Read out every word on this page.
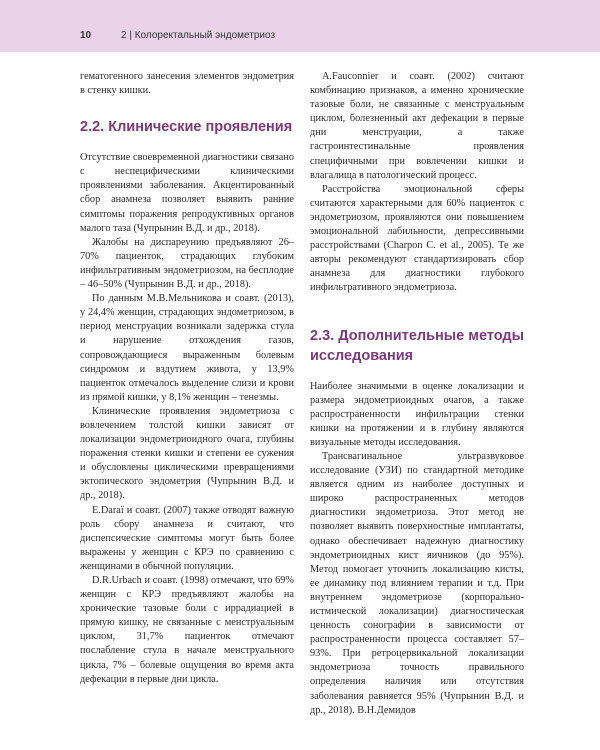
10	2 | Колоректальный эндометриоз

гематогенного занесения элементов эндометрия в стенку кишки.

2.2. Клинические проявления

Отсутствие своевременной диагностики связано с неспецифическими клиническими проявлениями заболевания. Акцентированный сбор анамнеза позволяет выявить ранние симптомы поражения репродуктивных органов малого таза (Чупрынин В.Д. и др., 2018).

Жалобы на диспареунию предъявляют 26–70% пациенток, страдающих глубоким инфильтративным эндометриозом, на бесплодие – 46–50% (Чупрынин В.Д. и др., 2018).

По данным М.В.Мельникова и соавт. (2013), у 24,4% женщин, страдающих эндометриозом, в период менструации возникали задержка стула и нарушение отхождения газов, сопровождающиеся выраженным болевым синдромом и вздутием живота, у 13,9% пациенток отмечалось выделение слизи и крови из прямой кишки, у 8,1% женщин – тенезмы.

Клинические проявления эндометриоза с вовлечением толстой кишки зависят от локализации эндометриоидного очага, глубины поражения стенки кишки и степени ее сужения и обусловлены циклическими превращениями эктопического эндометрия (Чупрынин В.Д. и др., 2018).

E.Daraï и соавт. (2007) также отводят важную роль сбору анамнеза и считают, что диспепсические симптомы могут быть более выражены у женщин с КРЭ по сравнению с женщинами в обычной популяции.

D.R.Urbach и соавт. (1998) отмечают, что 69% женщин с КРЭ предъявляют жалобы на хронические тазовые боли с иррадиацией в прямую кишку, не связанные с менструальным циклом, 31,7% пациенток отмечают послабление стула в начале менструального цикла, 7% – болевые ощущения во время акта дефекации в первые дни цикла.

A.Fauconnier и соавт. (2002) считают комбинацию признаков, а именно хронические тазовые боли, не связанные с менструальным циклом, болезненный акт дефекации в первые дни менструации, а также гастроинтестинальные проявления специфичными при вовлечении кишки и влагалища в патологический процесс.

Расстройства эмоциональной сферы считаются характерными для 60% пациенток с эндометриозом, проявляются они повышением эмоциональной лабильности, депрессивными расстройствами (Charpon C. et al., 2005). Те же авторы рекомендуют стандартизировать сбор анамнеза для диагностики глубокого инфильтративного эндометриоза.

2.3. Дополнительные методы исследования

Наиболее значимыми в оценке локализации и размера эндометриоидных очагов, а также распространенности инфильтрации стенки кишки на протяжении и в глубину являются визуальные методы исследования.

Трансвагинальное ультразвуковое исследование (УЗИ) по стандартной методике является одним из наиболее доступных и широко распространенных методов диагностики эндометриоза. Этот метод не позволяет выявить поверхностные имплантаты, однако обеспечивает надежную диагностику эндометриоидных кист яичников (до 95%). Метод помогает уточнить локализацию кисты, ее динамику под влиянием терапии и т.д. При внутреннем эндометриозе (корпорально-истмической локализации) диагностическая ценность сонографии в зависимости от распространенности процесса составляет 57–93%. При ретроцервикальной локализации эндометриоза точность правильного определения наличия или отсутствия заболевания равняется 95% (Чупрынин В.Д. и др., 2018). В.Н.Демидов
